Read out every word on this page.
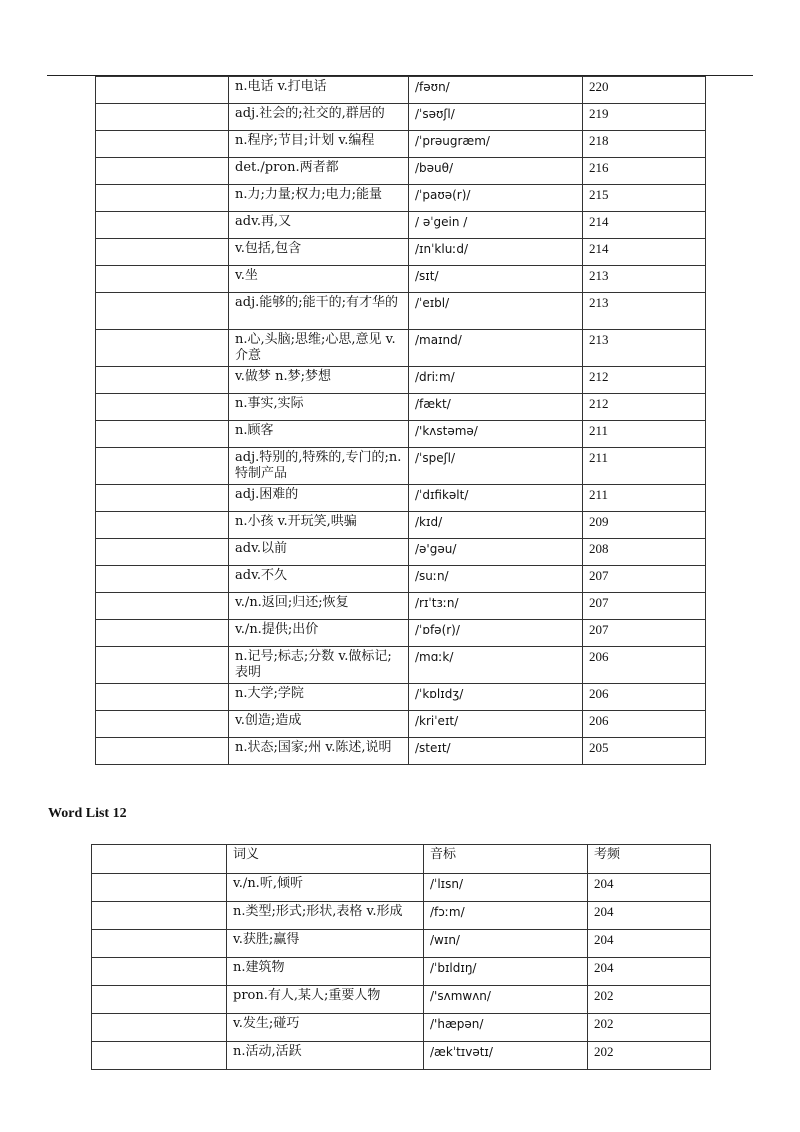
	n.电话 v.打电话	/fəʊn/	220
	adj.社会的;社交的,群居的	/ˈsəʊʃl/	219
	n.程序;节目;计划 v.编程	/ˈprəugræm/	218
	det./pron.两者都	/bəuθ/	216
	n.力;力量;权力;电力;能量	/ˈpaʊə(r)/	215
	adv.再,又	/ əˈgein /	214
	v.包括,包含	/ɪnˈkluːd/	214
	v.坐	/sɪt/	213
	adj.能够的;能干的;有才华的	/ˈeɪbl/	213
	n.心,头脑;思维;心思,意见 v.介意	/maɪnd/	213
	v.做梦 n.梦;梦想	/driːm/	212
	n.事实,实际	/fækt/	212
	n.顾客	/'kʌstəmə/	211
	adj.特别的,特殊的,专门的;n.特制产品	/ˈspeʃl/	211
	adj.困难的	/ˈdɪfikəlt/	211
	n.小孩 v.开玩笑,哄骗	/kɪd/	209
	adv.以前	/ə'gəu/	208
	adv.不久	/suːn/	207
	v./n.返回;归还;恢复	/rɪˈtɜːn/	207
	v./n.提供;出价	/ˈɒfə(r)/	207
	n.记号;标志;分数 v.做标记;表明	/mɑːk/	206
	n.大学;学院	/ˈkɒlɪdʒ/	206
	v.创造;造成	/kriˈeɪt/	206
	n.状态;国家;州 v.陈述,说明	/steɪt/	205
Word List 12
	词义	音标	考频
	v./n.听,倾听	/ˈlɪsn/	204
	n.类型;形式;形状,表格 v.形成	/fɔːm/	204
	v.获胜;赢得	/wɪn/	204
	n.建筑物	/ˈbɪldɪŋ/	204
	pron.有人,某人;重要人物	/'sʌmwʌn/	202
	v.发生;碰巧	/'hæpən/	202
	n.活动,活跃	/ækˈtɪvətɪ/	202
